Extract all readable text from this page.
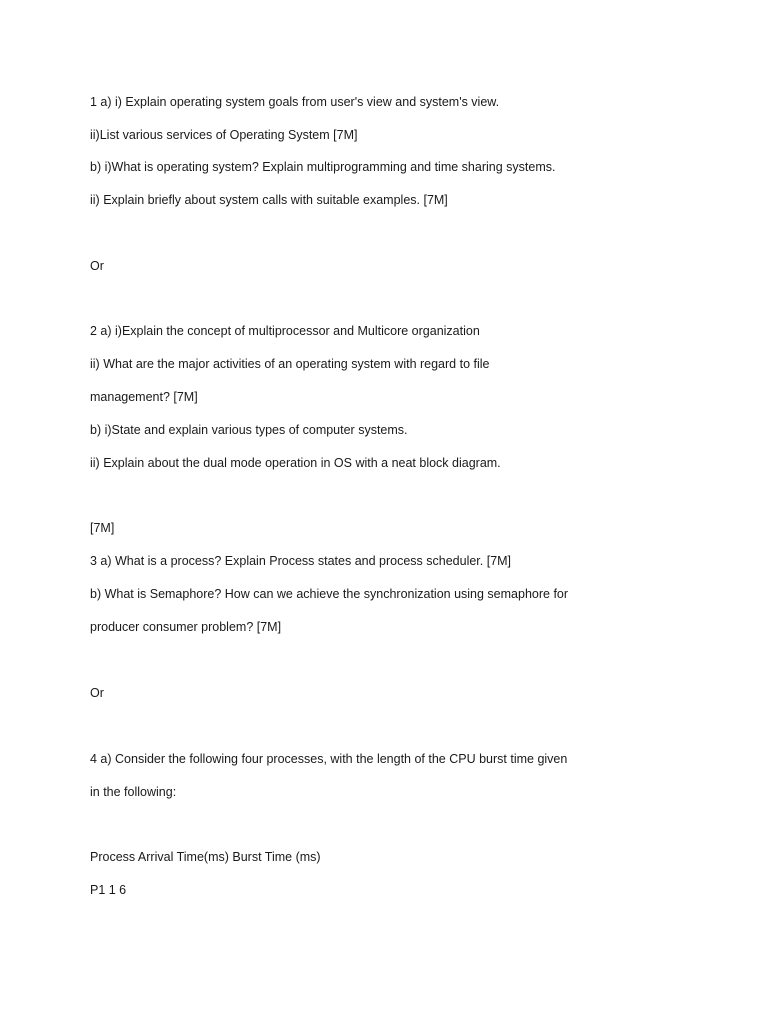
1 a) i) Explain operating system goals from user's view and system's view.
ii)List various services of Operating System [7M]
b) i)What is operating system? Explain multiprogramming and time sharing systems.
ii) Explain briefly about system calls with suitable examples. [7M]
Or
2 a) i)Explain the concept of multiprocessor and Multicore organization
ii) What are the major activities of an operating system with regard to file
management? [7M]
b) i)State and explain various types of computer systems.
ii) Explain about the dual mode operation in OS with a neat block diagram.
[7M]
3 a) What is a process? Explain Process states and process scheduler. [7M]
b) What is Semaphore? How can we achieve the synchronization using semaphore for
producer consumer problem? [7M]
Or
4 a) Consider the following four processes, with the length of the CPU burst time given
in the following:
Process Arrival Time(ms) Burst Time (ms)
P1 1 6
